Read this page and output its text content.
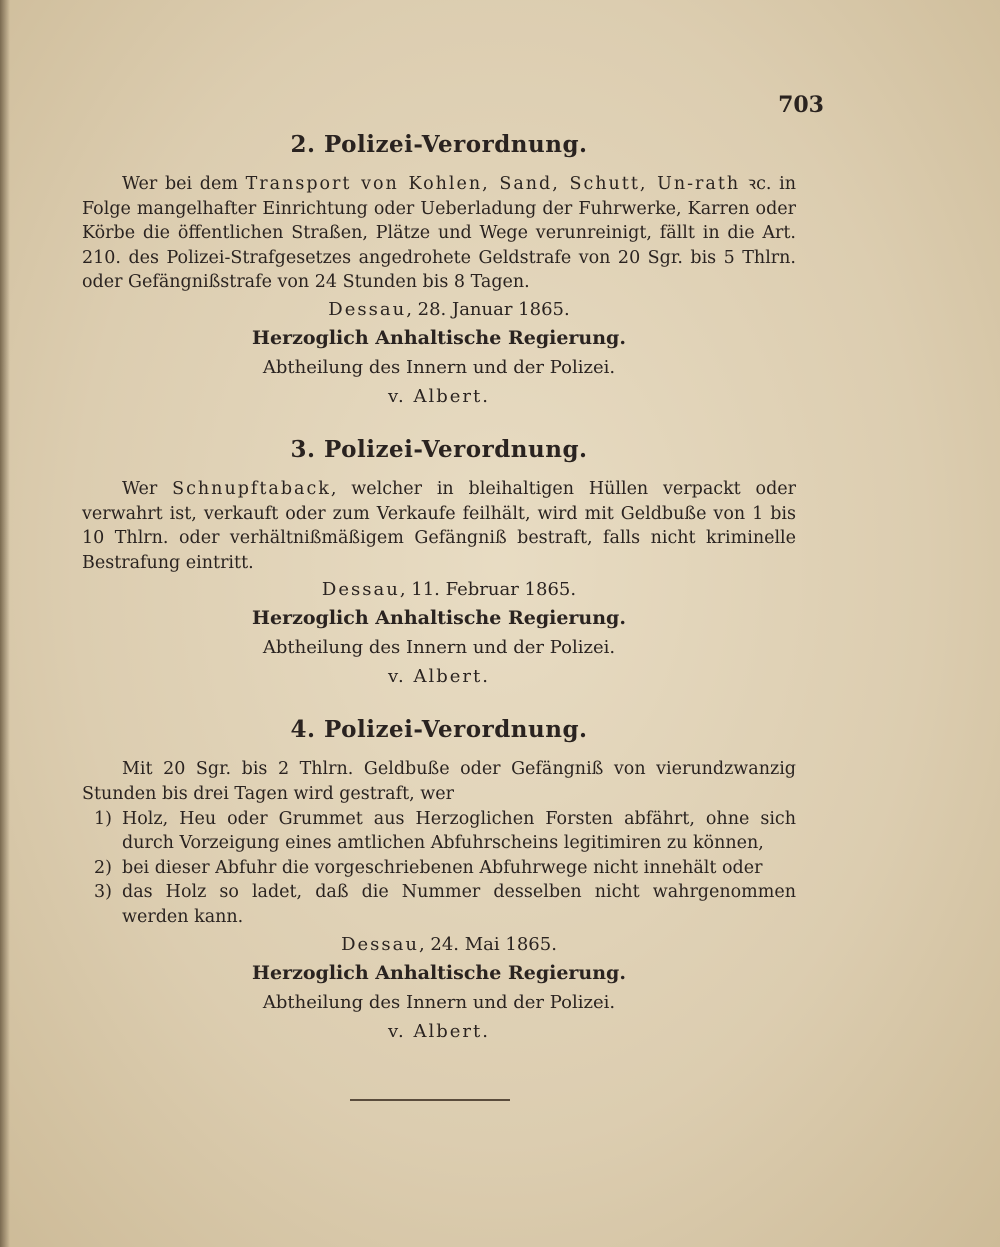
703
2. Polizei-Verordnung.

Wer bei dem Transport von Kohlen, Sand, Schutt, Un-rath ꝛc. in Folge mangelhafter Einrichtung oder Ueberladung der Fuhrwerke, Karren oder Körbe die öffentlichen Straßen, Plätze und Wege verunreinigt, fällt in die Art. 210. des Polizei-Strafgesetzes angedrohete Geldstrafe von 20 Sgr. bis 5 Thlrn. oder Gefängnißstrafe von 24 Stunden bis 8 Tagen.

Dessau, 28. Januar 1865.

Herzoglich Anhaltische Regierung.

Abtheilung des Innern und der Polizei.

v. Albert.

3. Polizei-Verordnung.

Wer Schnupftaback, welcher in bleihaltigen Hüllen verpackt oder verwahrt ist, verkauft oder zum Verkaufe feilhält, wird mit Geldbuße von 1 bis 10 Thlrn. oder verhältnißmäßigem Gefängniß bestraft, falls nicht kriminelle Bestrafung eintritt.

Dessau, 11. Februar 1865.

Herzoglich Anhaltische Regierung.

Abtheilung des Innern und der Polizei.

v. Albert.

4. Polizei-Verordnung.

Mit 20 Sgr. bis 2 Thlrn. Geldbuße oder Gefängniß von vierundzwanzig Stunden bis drei Tagen wird gestraft, wer

1) Holz, Heu oder Grummet aus Herzoglichen Forsten abfährt, ohne sich durch Vorzeigung eines amtlichen Abfuhrscheins legitimiren zu können,
2) bei dieser Abfuhr die vorgeschriebenen Abfuhrwege nicht innehält oder
3) das Holz so ladet, daß die Nummer desselben nicht wahrgenommen werden kann.

Dessau, 24. Mai 1865.

Herzoglich Anhaltische Regierung.

Abtheilung des Innern und der Polizei.

v. Albert.
